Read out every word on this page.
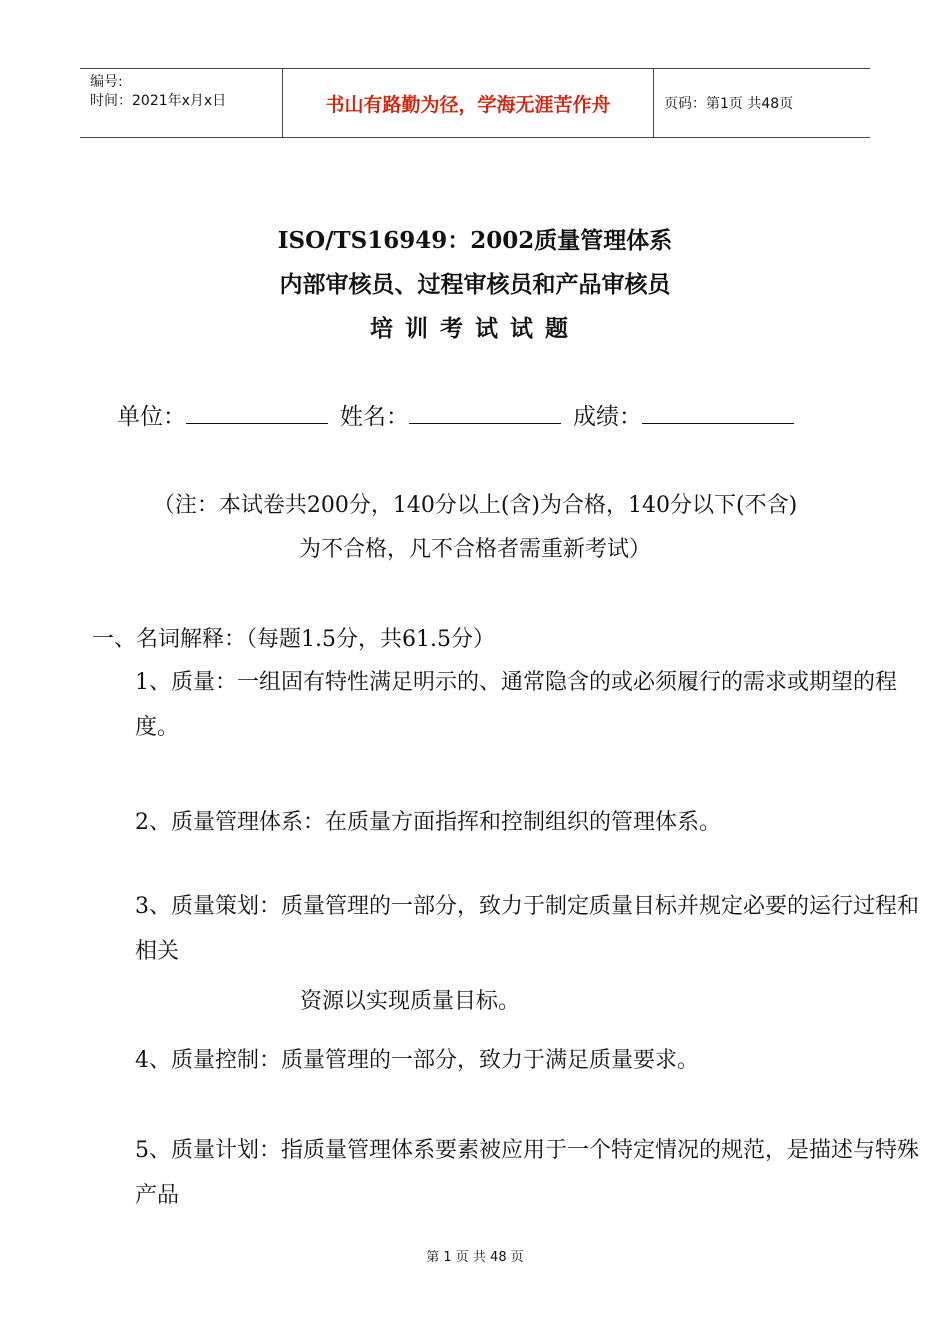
编号:
时间：2021年x月x日	书山有路勤为径，学海无涯苦作舟	页码：第1页 共48页
ISO/TS16949：2002质量管理体系
内部审核员、过程审核员和产品审核员
培训考试试题
单位：	姓名：	成绩：
（注：本试卷共200分，140分以上(含)为合格，140分以下(不含)
为不合格，凡不合格者需重新考试）
一、名词解释：（每题1.5分，共61.5分）
1、质量：一组固有特性满足明示的、通常隐含的或必须履行的需求或期望的程度。
2、质量管理体系：在质量方面指挥和控制组织的管理体系。
3、质量策划：质量管理的一部分，致力于制定质量目标并规定必要的运行过程和相关
资源以实现质量目标。
4、质量控制：质量管理的一部分，致力于满足质量要求。
5、质量计划：指质量管理体系要素被应用于一个特定情况的规范，是描述与特殊产品
第 1 页 共 48 页
